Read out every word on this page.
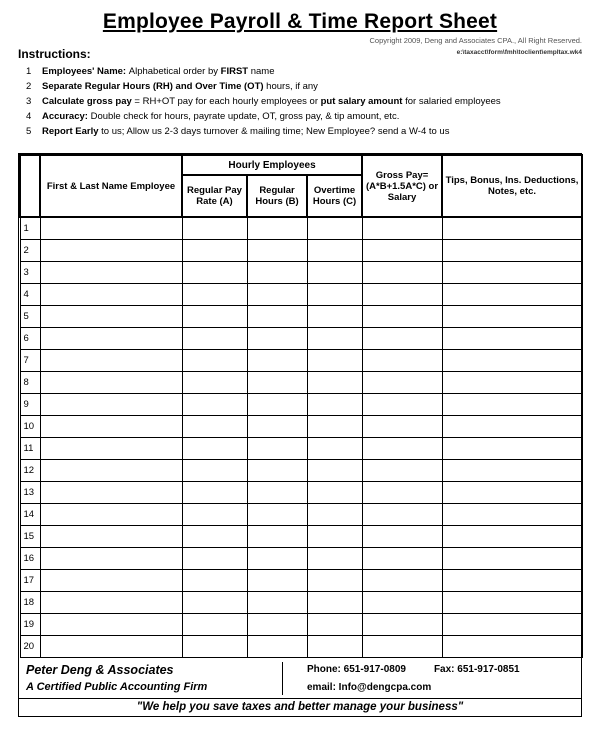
Employee Payroll & Time Report Sheet
Copyright 2009, Deng and Associates CPA., All Right Reserved.
Instructions:	e:\taxacct\form\fmh\toclient\empltax.wk4
1	Employees' Name: Alphabetical order by FIRST name
2	Separate Regular Hours (RH) and Over Time (OT) hours, if any
3	Calculate gross pay = RH+OT pay for each hourly employees or put salary amount for salaried employees
4	Accuracy: Double check for hours, payrate update, OT, gross pay, & tip amount, etc.
5	Report Early to us; Allow us 2-3 days turnover & mailing time; New Employee? send a W-4 to us
	First & Last Name Employee	Hourly Employees			Gross Pay= (A*B+1.5A*C) or Salary	Tips, Bonus, Ins. Deductions, Notes, etc.
		Regular Pay Rate (A)	Regular Hours (B)	Overtime Hours (C)		
1						
2						
3						
4						
5						
6						
7						
8						
9						
10						
11						
12						
13						
14						
15						
16						
17						
18						
19						
20						
Peter Deng & Associates
A Certified Public Accounting Firm
Phone: 651-917-0809	Fax: 651-917-0851
email: Info@dengcpa.com
"We help you save taxes and better manage your business"
